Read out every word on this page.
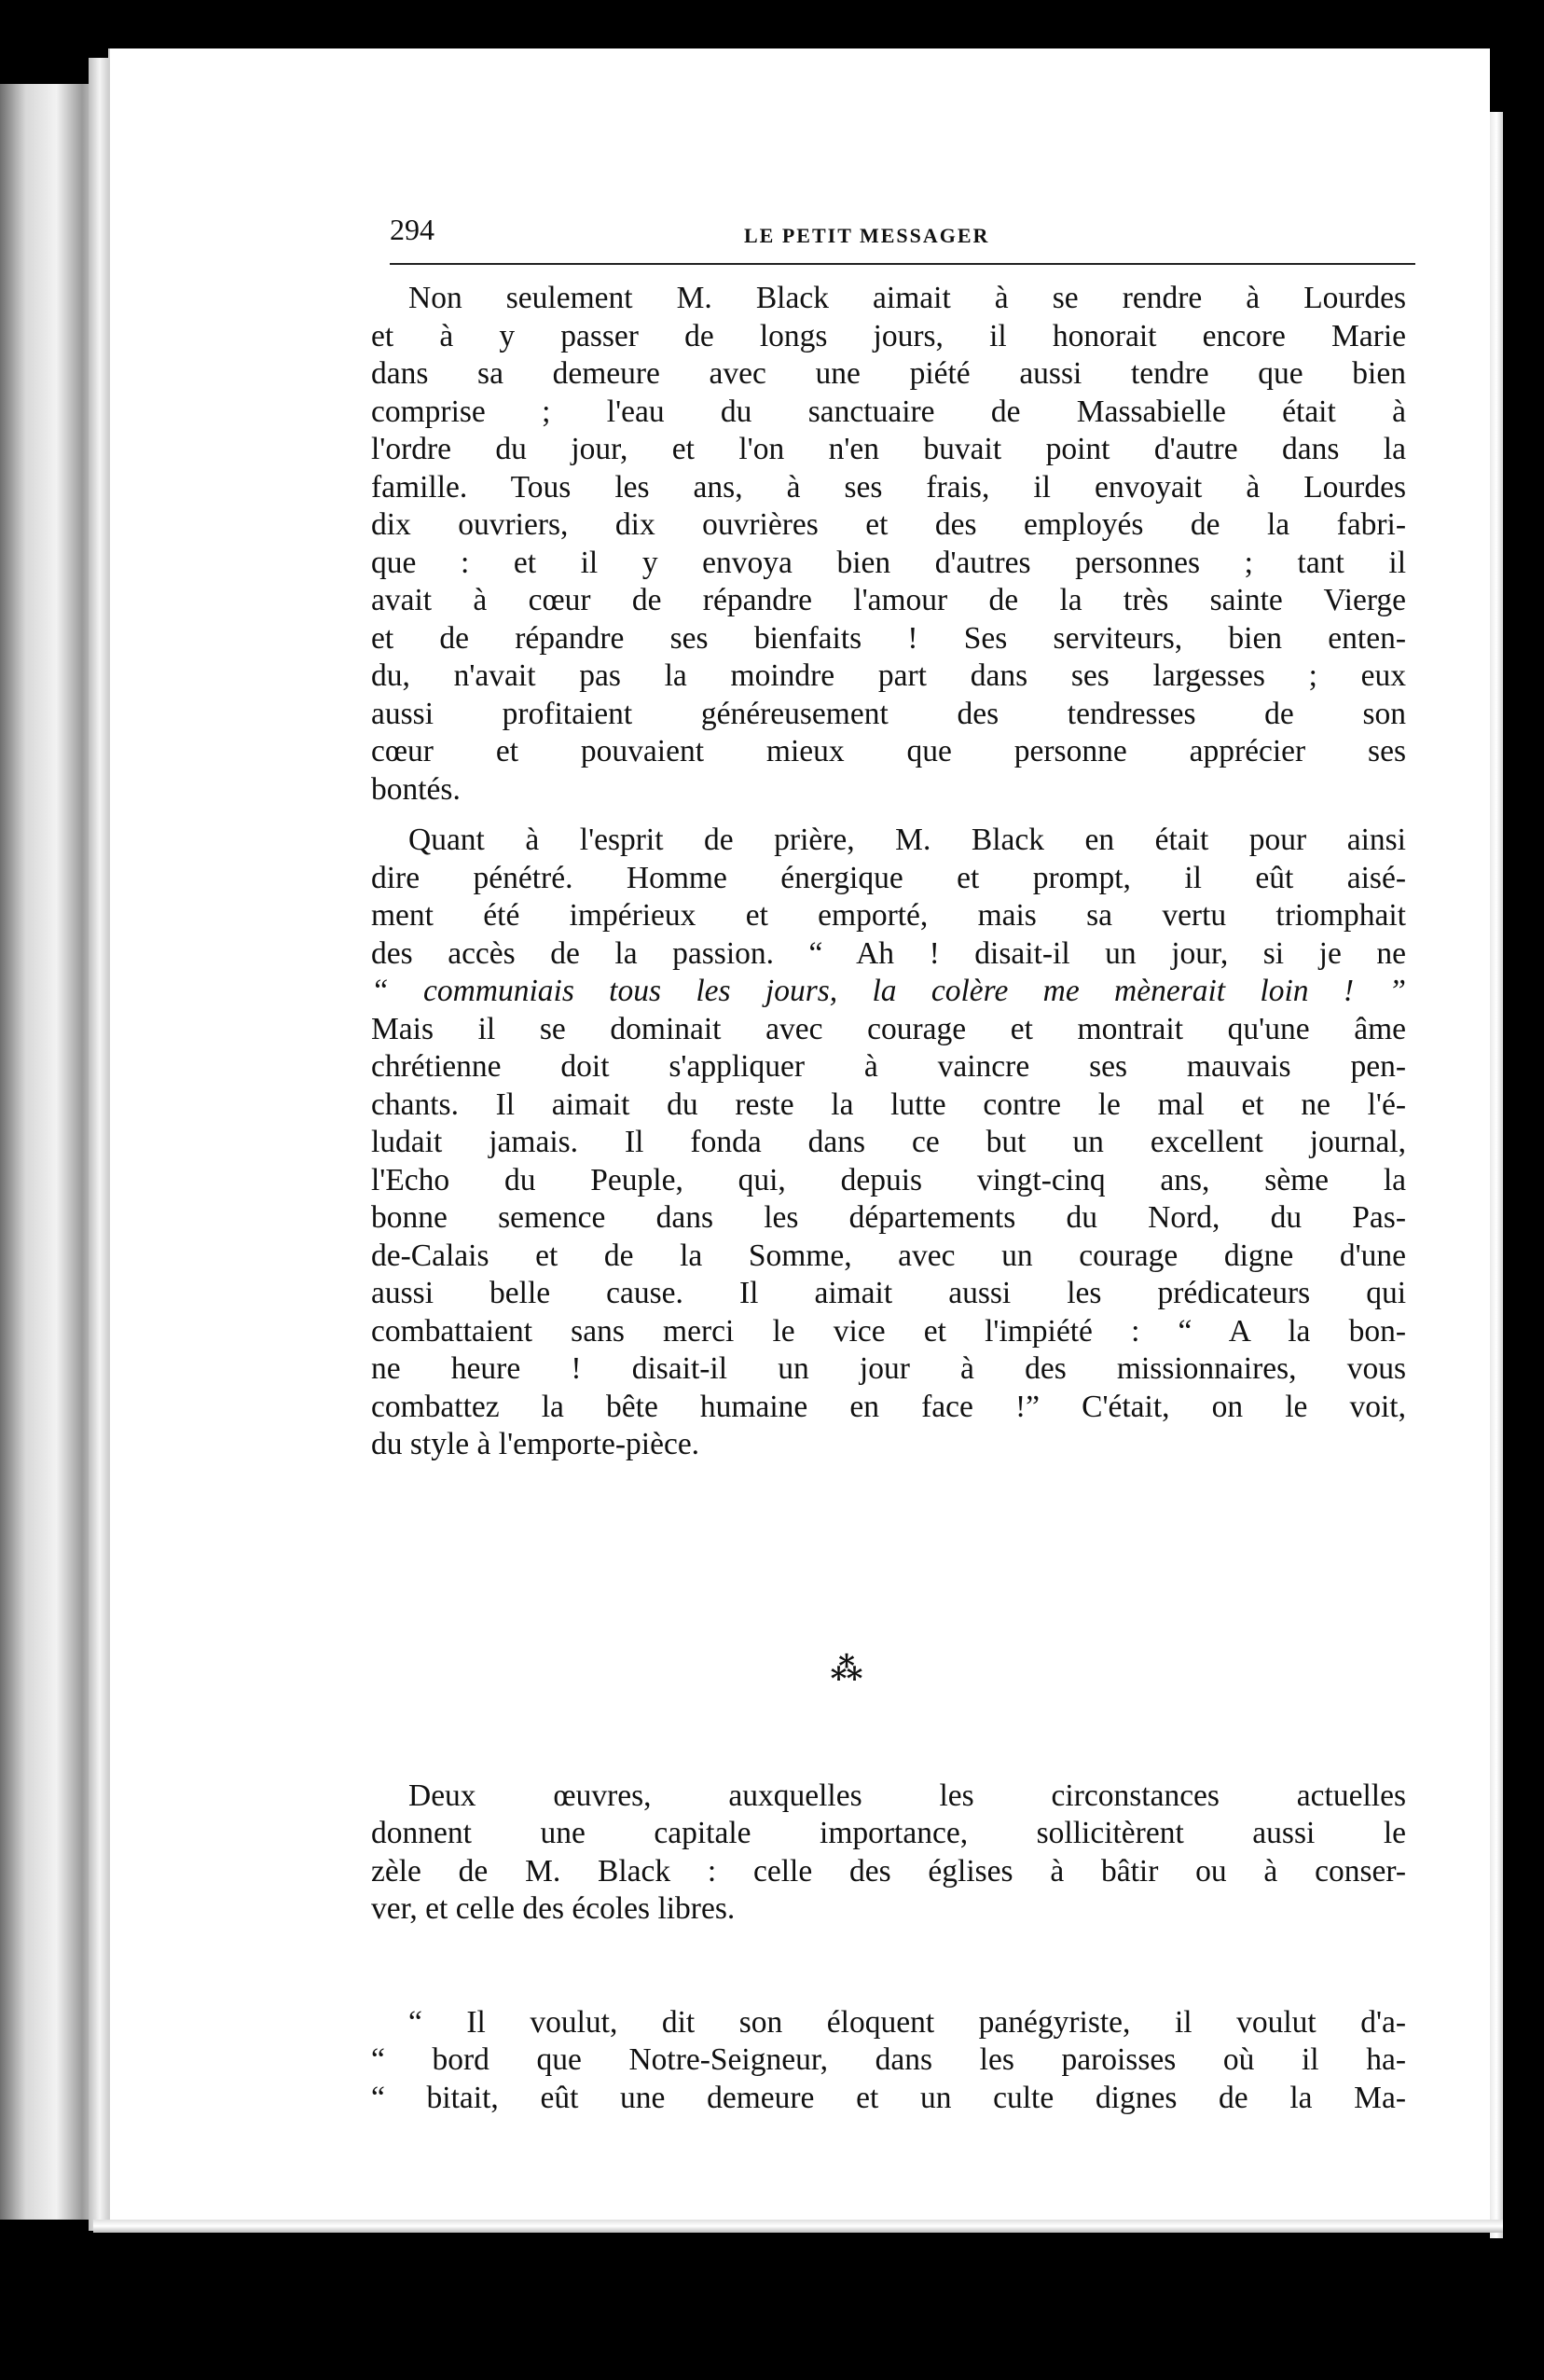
294	LE PETIT MESSAGER

Non seulement M. Black aimait à se rendre à Lourdes
et à y passer de longs jours, il honorait encore Marie
dans sa demeure avec une piété aussi tendre que bien
comprise ; l'eau du sanctuaire de Massabielle était à
l'ordre du jour, et l'on n'en buvait point d'autre dans la
famille. Tous les ans, à ses frais, il envoyait à Lourdes
dix ouvriers, dix ouvrières et des employés de la fabri-
que : et il y envoya bien d'autres personnes ; tant il
avait à cœur de répandre l'amour de la très sainte Vierge
et de répandre ses bienfaits ! Ses serviteurs, bien enten-
du, n'avait pas la moindre part dans ses largesses ; eux
aussi profitaient généreusement des tendresses de son
cœur et pouvaient mieux que personne apprécier ses
bontés.

Quant à l'esprit de prière, M. Black en était pour ainsi
dire pénétré. Homme énergique et prompt, il eût aisé-
ment été impérieux et emporté, mais sa vertu triomphait
des accès de la passion. “ Ah ! disait-il un jour, si je ne
“ communiais tous les jours, la colère me mènerait loin ! ”
Mais il se dominait avec courage et montrait qu'une âme
chrétienne doit s'appliquer à vaincre ses mauvais pen-
chants. Il aimait du reste la lutte contre le mal et ne l'é-
ludait jamais. Il fonda dans ce but un excellent journal,
l'Echo du Peuple, qui, depuis vingt-cinq ans, sème la
bonne semence dans les départements du Nord, du Pas-
de-Calais et de la Somme, avec un courage digne d'une
aussi belle cause. Il aimait aussi les prédicateurs qui
combattaient sans merci le vice et l'impiété : “ A la bon-
ne heure ! disait-il un jour à des missionnaires, vous
combattez la bête humaine en face !” C'était, on le voit,
du style à l'emporte-pièce.

⁂

Deux œuvres, auxquelles les circonstances actuelles
donnent une capitale importance, sollicitèrent aussi le
zèle de M. Black : celle des églises à bâtir ou à conser-
ver, et celle des écoles libres.

“ Il voulut, dit son éloquent panégyriste, il voulut d'a-
“ bord que Notre-Seigneur, dans les paroisses où il ha-
“ bitait, eût une demeure et un culte dignes de la Ma-
